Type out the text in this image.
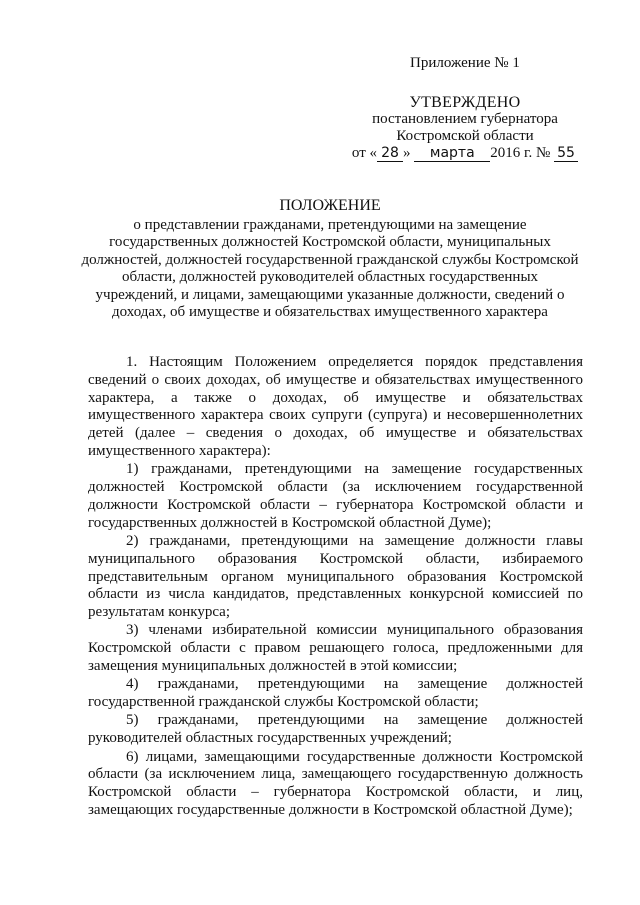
Приложение № 1
УТВЕРЖДЕНО
постановлением губернатора
Костромской области
от « 28 » марта 2016 г. № 55
ПОЛОЖЕНИЕ
о представлении гражданами, претендующими на замещение государственных должностей Костромской области, муниципальных должностей, должностей государственной гражданской службы Костромской области, должностей руководителей областных государственных учреждений, и лицами, замещающими указанные должности, сведений о доходах, об имуществе и обязательствах имущественного характера

1. Настоящим Положением определяется порядок представления сведений о своих доходах, об имуществе и обязательствах имущественного характера, а также о доходах, об имуществе и обязательствах имущественного характера своих супруги (супруга) и несовершеннолетних детей (далее – сведения о доходах, об имуществе и обязательствах имущественного характера):

1) гражданами, претендующими на замещение государственных должностей Костромской области (за исключением государственной должности Костромской области – губернатора Костромской области и государственных должностей в Костромской областной Думе);

2) гражданами, претендующими на замещение должности главы муниципального образования Костромской области, избираемого представительным органом муниципального образования Костромской области из числа кандидатов, представленных конкурсной комиссией по результатам конкурса;

3) членами избирательной комиссии муниципального образования Костромской области с правом решающего голоса, предложенными для замещения муниципальных должностей в этой комиссии;

4) гражданами, претендующими на замещение должностей государственной гражданской службы Костромской области;

5) гражданами, претендующими на замещение должностей руководителей областных государственных учреждений;

6) лицами, замещающими государственные должности Костромской области (за исключением лица, замещающего государственную должность Костромской области – губернатора Костромской области, и лиц, замещающих государственные должности в Костромской областной Думе);
